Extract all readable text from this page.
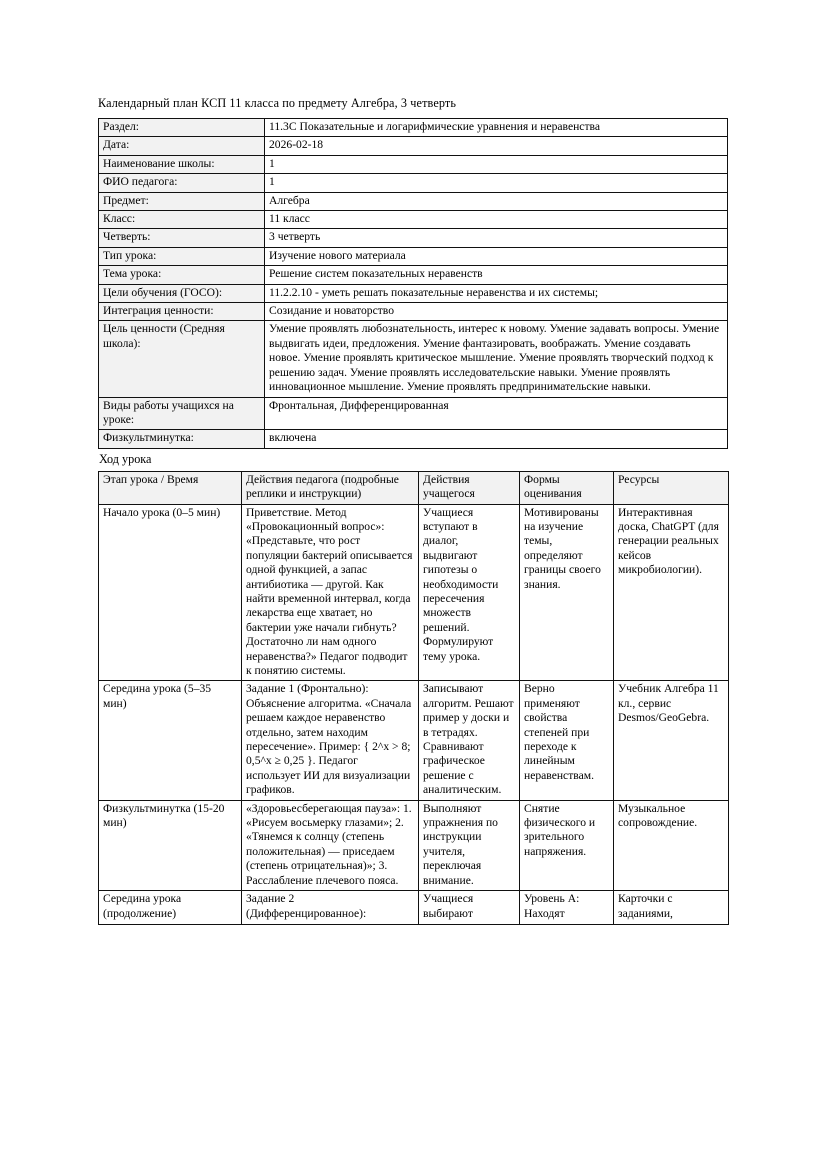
Календарный план КСП 11 класса по предмету Алгебра, 3 четверть
Раздел:	11.3C Показательные и логарифмические уравнения и неравенства
Дата:	2026-02-18
Наименование школы:	1
ФИО педагога:	1
Предмет:	Алгебра
Класс:	11 класс
Четверть:	3 четверть
Тип урока:	Изучение нового материала
Тема урока:	Решение систем показательных неравенств
Цели обучения (ГОСО):	11.2.2.10 - уметь решать показательные неравенства и их системы;
Интеграция ценности:	Созидание и новаторство
Цель ценности (Средняя школа):	Умение проявлять любознательность, интерес к новому. Умение задавать вопросы. Умение выдвигать идеи, предложения. Умение фантазировать, воображать. Умение создавать новое. Умение проявлять критическое мышление. Умение проявлять творческий подход к решению задач. Умение проявлять исследовательские навыки. Умение проявлять инновационное мышление. Умение проявлять предпринимательские навыки.
Виды работы учащихся на уроке:	Фронтальная, Дифференцированная
Физкультминутка:	включена
Ход урока
Этап урока / Время	Действия педагога (подробные реплики и инструкции)	Действия учащегося	Формы оценивания	Ресурсы
Начало урока (0–5 мин)	Приветствие. Метод «Провокационный вопрос»: «Представьте, что рост популяции бактерий описывается одной функцией, а запас антибиотика — другой. Как найти временной интервал, когда лекарства еще хватает, но бактерии уже начали гибнуть? Достаточно ли нам одного неравенства?» Педагог подводит к понятию системы.	Учащиеся вступают в диалог, выдвигают гипотезы о необходимости пересечения множеств решений. Формулируют тему урока.	Мотивированы на изучение темы, определяют границы своего знания.	Интерактивная доска, ChatGPT (для генерации реальных кейсов микробиологии).
Середина урока (5–35 мин)	Задание 1 (Фронтально): Объяснение алгоритма. «Сначала решаем каждое неравенство отдельно, затем находим пересечение». Пример: { 2^x > 8; 0,5^x ≥ 0,25 }. Педагог использует ИИ для визуализации графиков.	Записывают алгоритм. Решают пример у доски и в тетрадях. Сравнивают графическое решение с аналитическим.	Верно применяют свойства степеней при переходе к линейным неравенствам.	Учебник Алгебра 11 кл., сервис Desmos/GeoGebra.
Физкультминутка (15-20 мин)	«Здоровьесберегающая пауза»: 1. «Рисуем восьмерку глазами»; 2. «Тянемся к солнцу (степень положительная) — приседаем (степень отрицательная)»; 3. Расслабление плечевого пояса.	Выполняют упражнения по инструкции учителя, переключая внимание.	Снятие физического и зрительного напряжения.	Музыкальное сопровождение.
Середина урока (продолжение)	Задание 2 (Дифференцированное):	Учащиеся выбирают	Уровень А: Находят	Карточки с заданиями,
